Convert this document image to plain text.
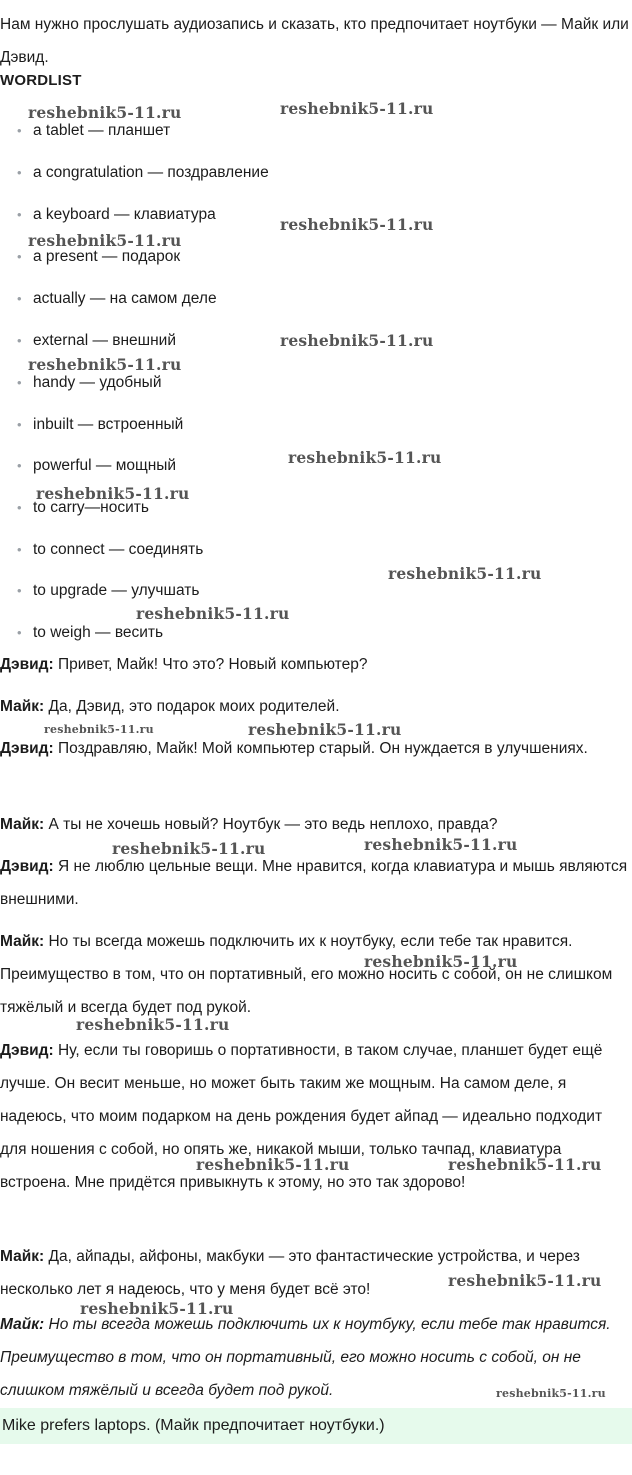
Нам нужно прослушать аудиозапись и сказать, кто предпочитает ноутбуки — Майк или Дэвид.

WORDLIST
• a tablet — планшет
• a congratulation — поздравление
• a keyboard — клавиатура
• a present — подарок
• actually — на самом деле
• external — внешний
• handy — удобный
• inbuilt — встроенный
• powerful — мощный
• to carry—носить
• to connect — соединять
• to upgrade — улучшать
• to weigh — весить

Дэвид: Привет, Майк! Что это? Новый компьютер?

Майк: Да, Дэвид, это подарок моих родителей.

Дэвид: Поздравляю, Майк! Мой компьютер старый. Он нуждается в улучшениях.

Майк: А ты не хочешь новый? Ноутбук — это ведь неплохо, правда?

Дэвид: Я не люблю цельные вещи. Мне нравится, когда клавиатура и мышь являются внешними.

Майк: Но ты всегда можешь подключить их к ноутбуку, если тебе так нравится. Преимущество в том, что он портативный, его можно носить с собой, он не слишком тяжёлый и всегда будет под рукой.

Дэвид: Ну, если ты говоришь о портативности, в таком случае, планшет будет ещё лучше. Он весит меньше, но может быть таким же мощным. На самом деле, я надеюсь, что моим подарком на день рождения будет айпад — идеально подходит для ношения с собой, но опять же, никакой мыши, только тачпад, клавиатура встроена. Мне придётся привыкнуть к этому, но это так здорово!

Майк: Да, айпады, айфоны, макбуки — это фантастические устройства, и через несколько лет я надеюсь, что у меня будет всё это!

Майк: Но ты всегда можешь подключить их к ноутбуку, если тебе так нравится. Преимущество в том, что он портативный, его можно носить с собой, он не слишком тяжёлый и всегда будет под рукой.

Mike prefers laptops. (Майк предпочитает ноутбуки.)
reshebnik5-11.ru	reshebnik5-11.ru
reshebnik5-11.ru
reshebnik5-11.ru
reshebnik5-11.ru
reshebnik5-11.ru
reshebnik5-11.ru
reshebnik5-11.ru
reshebnik5-11.ru
reshebnik5-11.ru
reshebnik5-11.ru	reshebnik5-11.ru
reshebnik5-11.ru	reshebnik5-11.ru
reshebnik5-11.ru
reshebnik5-11.ru
reshebnik5-11.ru	reshebnik5-11.ru
reshebnik5-11.ru
reshebnik5-11.ru
reshebnik5-11.ru
